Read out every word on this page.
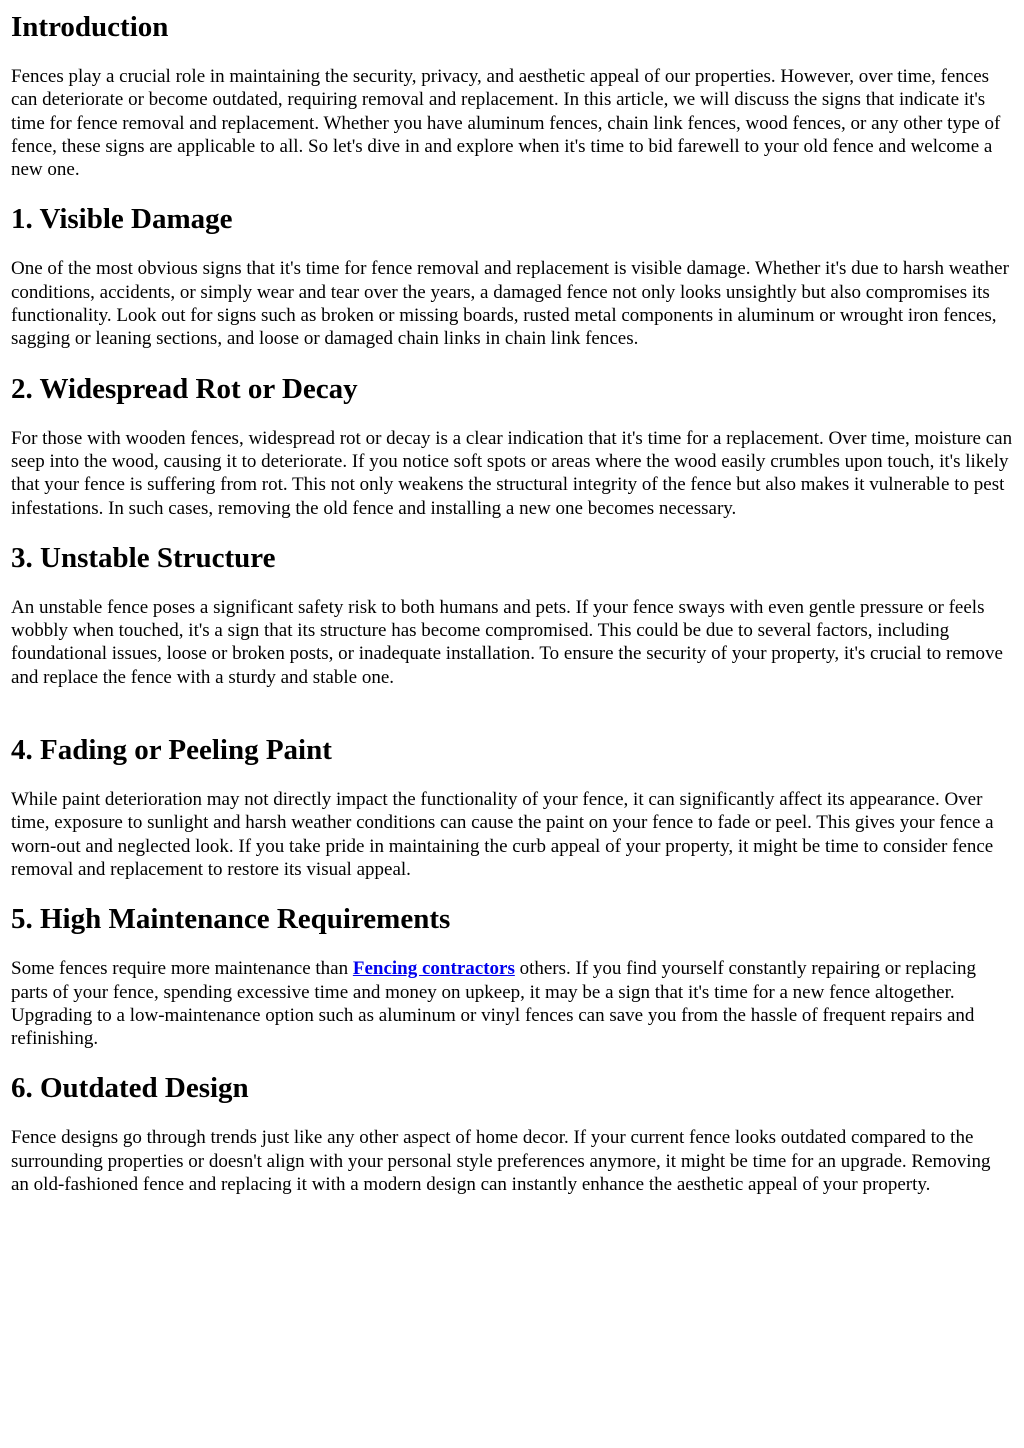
Introduction

Fences play a crucial role in maintaining the security, privacy, and aesthetic appeal of our properties. However, over time, fences can deteriorate or become outdated, requiring removal and replacement. In this article, we will discuss the signs that indicate it's time for fence removal and replacement. Whether you have aluminum fences, chain link fences, wood fences, or any other type of fence, these signs are applicable to all. So let's dive in and explore when it's time to bid farewell to your old fence and welcome a new one.

1. Visible Damage

One of the most obvious signs that it's time for fence removal and replacement is visible damage. Whether it's due to harsh weather conditions, accidents, or simply wear and tear over the years, a damaged fence not only looks unsightly but also compromises its functionality. Look out for signs such as broken or missing boards, rusted metal components in aluminum or wrought iron fences, sagging or leaning sections, and loose or damaged chain links in chain link fences.

2. Widespread Rot or Decay

For those with wooden fences, widespread rot or decay is a clear indication that it's time for a replacement. Over time, moisture can seep into the wood, causing it to deteriorate. If you notice soft spots or areas where the wood easily crumbles upon touch, it's likely that your fence is suffering from rot. This not only weakens the structural integrity of the fence but also makes it vulnerable to pest infestations. In such cases, removing the old fence and installing a new one becomes necessary.

3. Unstable Structure

An unstable fence poses a significant safety risk to both humans and pets. If your fence sways with even gentle pressure or feels wobbly when touched, it's a sign that its structure has become compromised. This could be due to several factors, including foundational issues, loose or broken posts, or inadequate installation. To ensure the security of your property, it's crucial to remove and replace the fence with a sturdy and stable one.

4. Fading or Peeling Paint

While paint deterioration may not directly impact the functionality of your fence, it can significantly affect its appearance. Over time, exposure to sunlight and harsh weather conditions can cause the paint on your fence to fade or peel. This gives your fence a worn-out and neglected look. If you take pride in maintaining the curb appeal of your property, it might be time to consider fence removal and replacement to restore its visual appeal.

5. High Maintenance Requirements

Some fences require more maintenance than Fencing contractors others. If you find yourself constantly repairing or replacing parts of your fence, spending excessive time and money on upkeep, it may be a sign that it's time for a new fence altogether. Upgrading to a low-maintenance option such as aluminum or vinyl fences can save you from the hassle of frequent repairs and refinishing.

6. Outdated Design

Fence designs go through trends just like any other aspect of home decor. If your current fence looks outdated compared to the surrounding properties or doesn't align with your personal style preferences anymore, it might be time for an upgrade. Removing an old-fashioned fence and replacing it with a modern design can instantly enhance the aesthetic appeal of your property.
